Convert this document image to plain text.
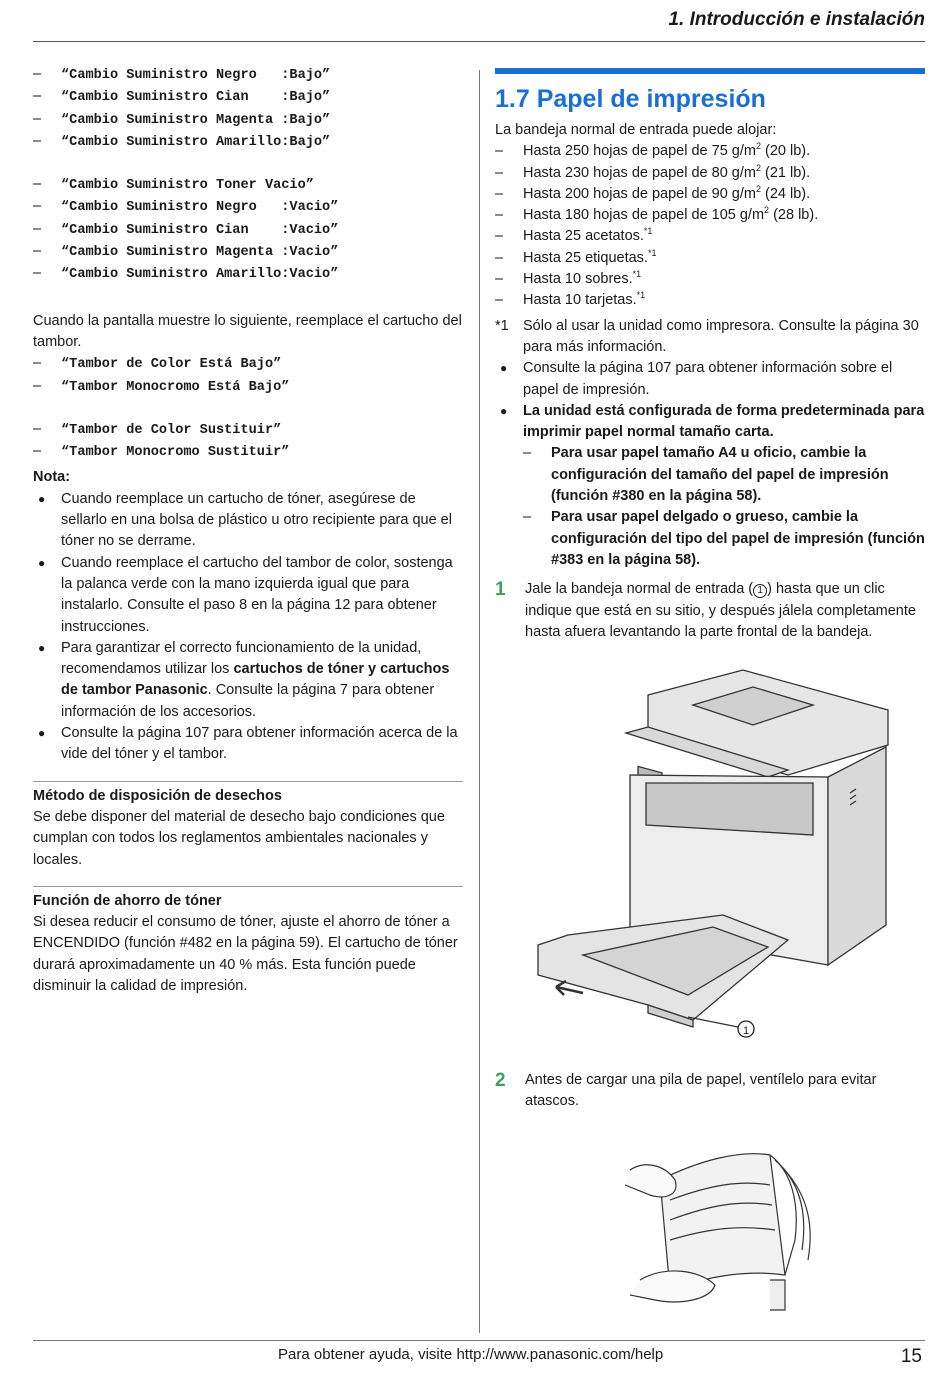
1. Introducción e instalación
–	“Cambio Suministro Negro   :Bajo”
–	“Cambio Suministro Cian    :Bajo”
–	“Cambio Suministro Magenta :Bajo”
–	“Cambio Suministro Amarillo:Bajo”
–	“Cambio Suministro Toner Vacio”
–	“Cambio Suministro Negro   :Vacio”
–	“Cambio Suministro Cian    :Vacio”
–	“Cambio Suministro Magenta :Vacio”
–	“Cambio Suministro Amarillo:Vacio”

Cuando la pantalla muestre lo siguiente, reemplace el cartucho del tambor.

–	“Tambor de Color Está Bajo”
–	“Tambor Monocromo Está Bajo”
–	“Tambor de Color Sustituir”
–	“Tambor Monocromo Sustituir”
Nota:
●	Cuando reemplace un cartucho de tóner, asegúrese de sellarlo en una bolsa de plástico u otro recipiente para que el tóner no se derrame.
●	Cuando reemplace el cartucho del tambor de color, sostenga la palanca verde con la mano izquierda igual que para instalarlo. Consulte el paso 8 en la página 12 para obtener instrucciones.
●	Para garantizar el correcto funcionamiento de la unidad, recomendamos utilizar los cartuchos de tóner y cartuchos de tambor Panasonic. Consulte la página 7 para obtener información de los accesorios.
●	Consulte la página 107 para obtener información acerca de la vide del tóner y el tambor.
Método de disposición de desechos

Se debe disponer del material de desecho bajo condiciones que cumplan con todos los reglamentos ambientales nacionales y locales.

Función de ahorro de tóner

Si desea reducir el consumo de tóner, ajuste el ahorro de tóner a ENCENDIDO (función #482 en la página 59). El cartucho de tóner durará aproximadamente un 40 % más. Esta función puede disminuir la calidad de impresión.

1.7 Papel de impresión

La bandeja normal de entrada puede alojar:

–	Hasta 250 hojas de papel de 75 $g/m^2$ (20 lb).
–	Hasta 230 hojas de papel de 80 $g/m^2$ (21 lb).
–	Hasta 200 hojas de papel de 90 $g/m^2$ (24 lb).
–	Hasta 180 hojas de papel de 105 $g/m^2$ (28 lb).
–	Hasta 25 acetatos.$^{*1}$
–	Hasta 25 etiquetas.$^{*1}$
–	Hasta 10 sobres.$^{*1}$
–	Hasta 10 tarjetas.$^{*1}$
*1 Sólo al usar la unidad como impresora. Consulte la página 30 para más información.
●	Consulte la página 107 para obtener información sobre el papel de impresión.
●	La unidad está configurada de forma predeterminada para imprimir papel normal tamaño carta.
–	Para usar papel tamaño A4 u oficio, cambie la configuración del tamaño del papel de impresión (función #380 en la página 58).
–	Para usar papel delgado o grueso, cambie la configuración del tipo del papel de impresión (función #383 en la página 58).
1	Jale la bandeja normal de entrada ( 1 ) hasta que un clic indique que está en su sitio, y después jálela completamente hasta afuera levantando la parte frontal de la bandeja.
1
2	Antes de cargar una pila de papel, ventílelo para evitar atascos.
Para obtener ayuda, visite http://www.panasonic.com/help	15
